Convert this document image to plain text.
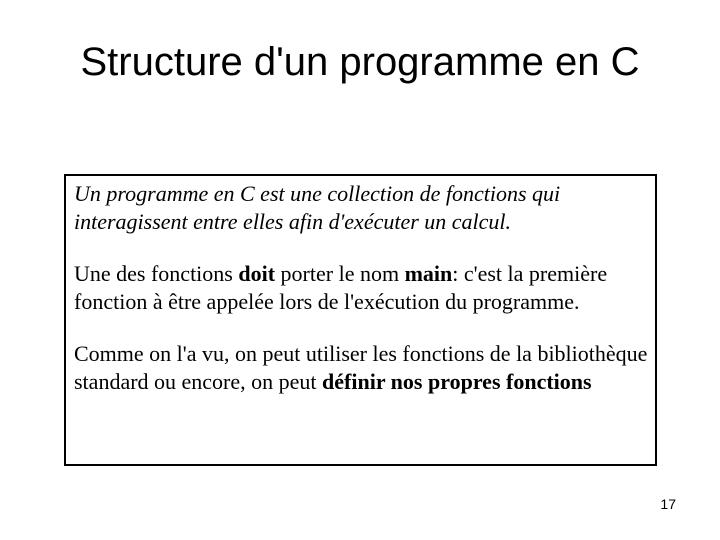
Structure d'un programme en C

Un programme en C est une collection de fonctions qui interagissent entre elles afin d'exécuter un calcul.

Une des fonctions doit porter le nom main: c'est la première fonction à être appelée lors de l'exécution du programme.

Comme on l'a vu, on peut utiliser les fonctions de la bibliothèque standard ou encore, on peut définir nos propres fonctions

17
